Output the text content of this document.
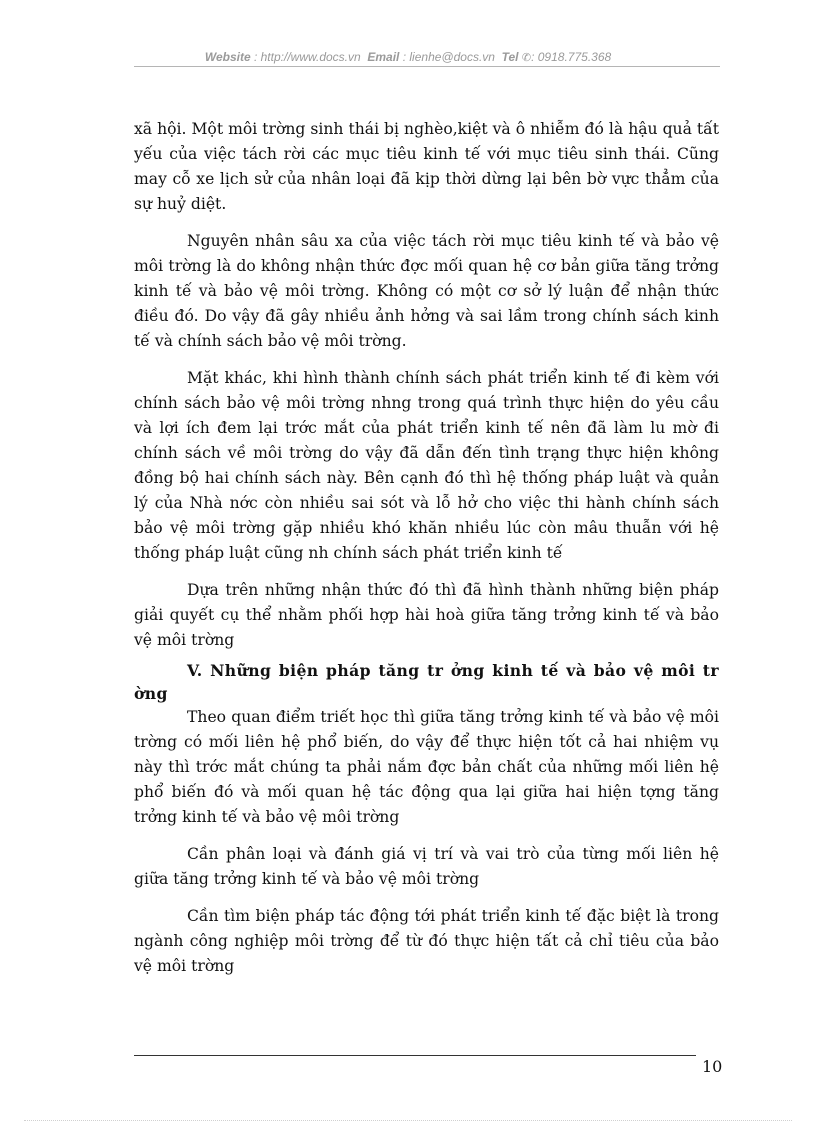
Website : http://www.docs.vn Email : lienhe@docs.vn Tel ✆: 0918.775.368

xã hội. Một môi trờng sinh thái bị nghèo,kiệt và ô nhiễm đó là hậu quả tất yếu của việc tách rời các mục tiêu kinh tế với mục tiêu sinh thái. Cũng may cỗ xe lịch sử của nhân loại đã kịp thời dừng lại bên bờ vực thẳm của sự huỷ diệt.

Nguyên nhân sâu xa của việc tách rời mục tiêu kinh tế và bảo vệ môi trờng là do không nhận thức đợc mối quan hệ cơ bản giữa tăng trởng kinh tế và bảo vệ môi trờng. Không có một cơ sở lý luận để nhận thức điều đó. Do vậy đã gây nhiều ảnh hởng và sai lầm trong chính sách kinh tế và chính sách bảo vệ môi trờng.

Mặt khác, khi hình thành chính sách phát triển kinh tế đi kèm với chính sách bảo vệ môi trờng nhng trong quá trình thực hiện do yêu cầu và lợi ích đem lại trớc mắt của phát triển kinh tế nên đã làm lu mờ đi chính sách về môi trờng do vậy đã dẫn đến tình trạng thực hiện không đồng bộ hai chính sách này. Bên cạnh đó thì hệ thống pháp luật và quản lý của Nhà nớc còn nhiều sai sót và lỗ hở cho việc thi hành chính sách bảo vệ môi trờng gặp nhiều khó khăn nhiều lúc còn mâu thuẫn với hệ thống pháp luật cũng nh chính sách phát triển kinh tế

Dựa trên những nhận thức đó thì đã hình thành những biện pháp giải quyết cụ thể nhằm phối hợp hài hoà giữa tăng trởng kinh tế và bảo vệ môi trờng

V. Những biện pháp tăng tr ởng kinh tế và bảo vệ môi tr ờng

Theo quan điểm triết học thì giữa tăng trởng kinh tế và bảo vệ môi trờng có mối liên hệ phổ biến, do vậy để thực hiện tốt cả hai nhiệm vụ này thì trớc mắt chúng ta phải nắm đợc bản chất của những mối liên hệ phổ biến đó và mối quan hệ tác động qua lại giữa hai hiện tợng tăng trởng kinh tế và bảo vệ môi trờng

Cần phân loại và đánh giá vị trí và vai trò của từng mối liên hệ giữa tăng trởng kinh tế và bảo vệ môi trờng

Cần tìm biện pháp tác động tới phát triển kinh tế đặc biệt là trong ngành công nghiệp môi trờng để từ đó thực hiện tất cả chỉ tiêu của bảo vệ môi trờng

10
